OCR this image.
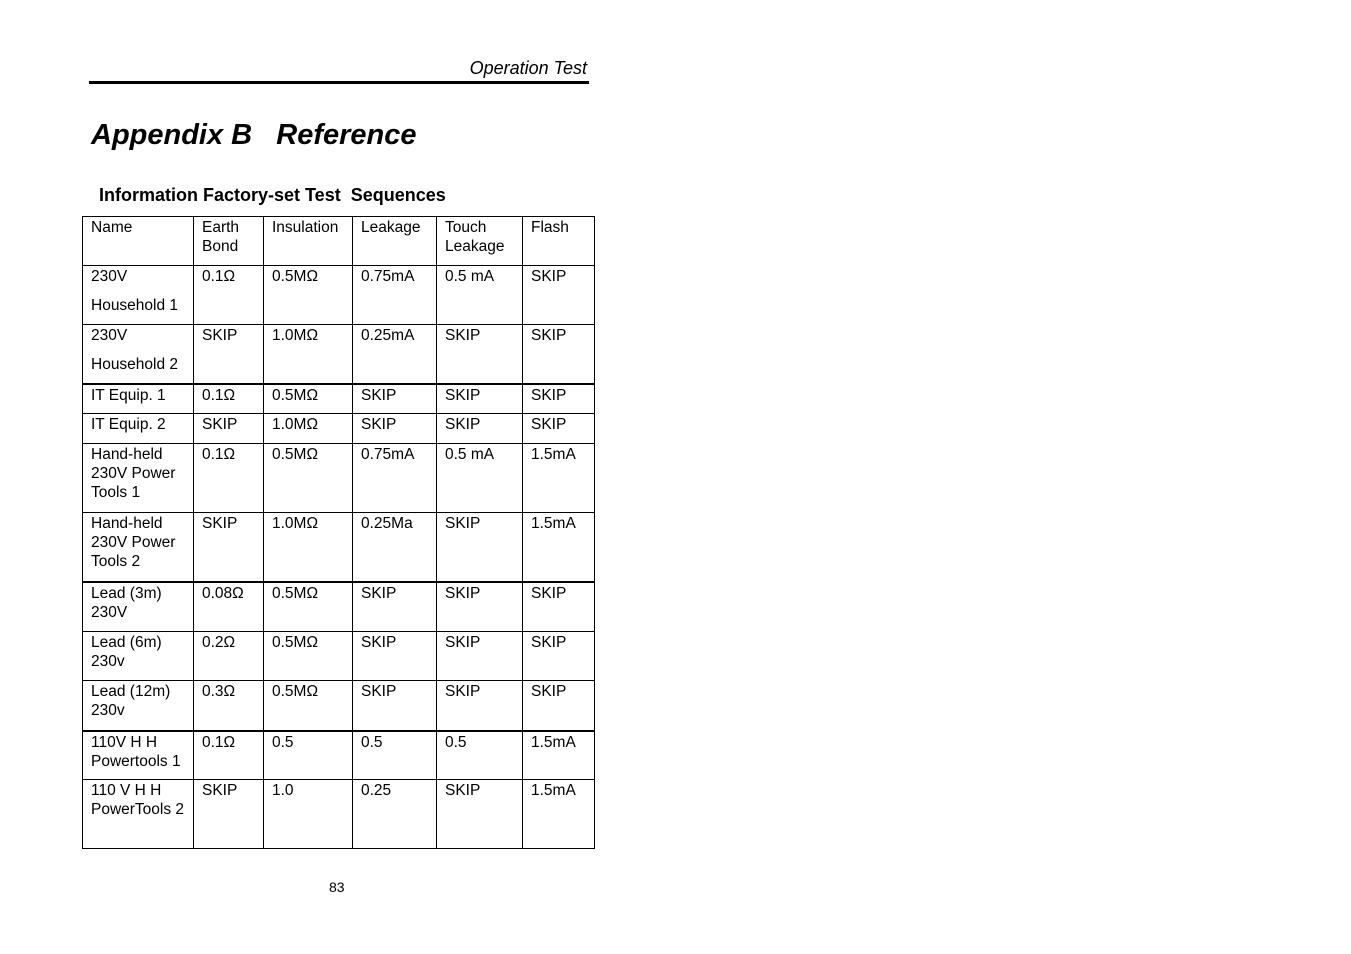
Operation Test
Appendix B   Reference
Information Factory-set Test  Sequences
Name	Earth Bond	Insulation	Leakage	Touch Leakage	Flash
230V
Household 1	0.1Ω	0.5MΩ	0.75mA	0.5 mA	SKIP
230V
Household 2	SKIP	1.0MΩ	0.25mA	SKIP	SKIP
IT Equip. 1	0.1Ω	0.5MΩ	SKIP	SKIP	SKIP
IT Equip. 2	SKIP	1.0MΩ	SKIP	SKIP	SKIP
Hand-held 230V Power Tools 1	0.1Ω	0.5MΩ	0.75mA	0.5 mA	1.5mA
Hand-held 230V Power Tools 2	SKIP	1.0MΩ	0.25Ma	SKIP	1.5mA
Lead (3m) 230V	0.08Ω	0.5MΩ	SKIP	SKIP	SKIP
Lead (6m) 230v	0.2Ω	0.5MΩ	SKIP	SKIP	SKIP
Lead (12m) 230v	0.3Ω	0.5MΩ	SKIP	SKIP	SKIP
110V H H Powertools 1	0.1Ω	0.5	0.5	0.5	1.5mA
110 V H H PowerTools 2	SKIP	1.0	0.25	SKIP	1.5mA
83
